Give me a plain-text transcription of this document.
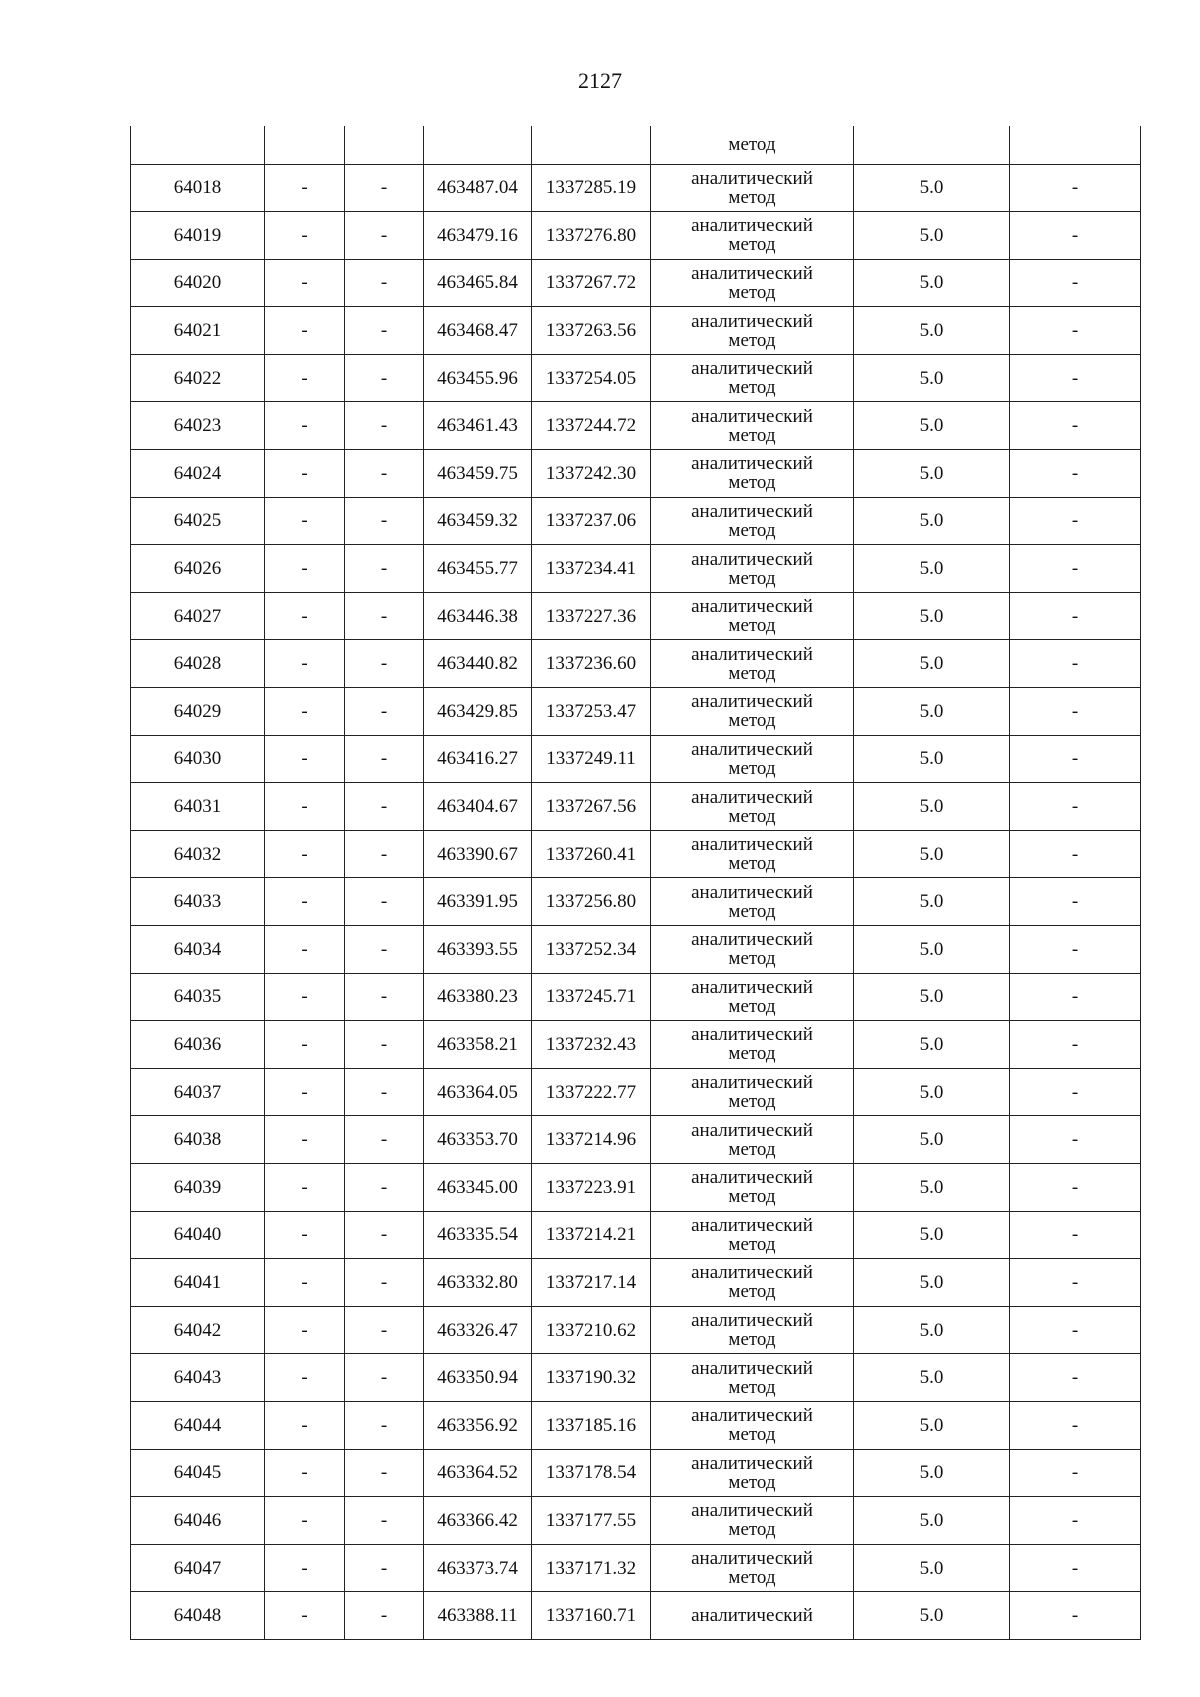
2127

					метод		

64018	-	-	463487.04	1337285.19	аналитический
метод	5.0	-
64019	-	-	463479.16	1337276.80	аналитический
метод	5.0	-
64020	-	-	463465.84	1337267.72	аналитический
метод	5.0	-
64021	-	-	463468.47	1337263.56	аналитический
метод	5.0	-
64022	-	-	463455.96	1337254.05	аналитический
метод	5.0	-
64023	-	-	463461.43	1337244.72	аналитический
метод	5.0	-
64024	-	-	463459.75	1337242.30	аналитический
метод	5.0	-
64025	-	-	463459.32	1337237.06	аналитический
метод	5.0	-
64026	-	-	463455.77	1337234.41	аналитический
метод	5.0	-
64027	-	-	463446.38	1337227.36	аналитический
метод	5.0	-
64028	-	-	463440.82	1337236.60	аналитический
метод	5.0	-
64029	-	-	463429.85	1337253.47	аналитический
метод	5.0	-
64030	-	-	463416.27	1337249.11	аналитический
метод	5.0	-
64031	-	-	463404.67	1337267.56	аналитический
метод	5.0	-
64032	-	-	463390.67	1337260.41	аналитический
метод	5.0	-
64033	-	-	463391.95	1337256.80	аналитический
метод	5.0	-
64034	-	-	463393.55	1337252.34	аналитический
метод	5.0	-
64035	-	-	463380.23	1337245.71	аналитический
метод	5.0	-
64036	-	-	463358.21	1337232.43	аналитический
метод	5.0	-
64037	-	-	463364.05	1337222.77	аналитический
метод	5.0	-
64038	-	-	463353.70	1337214.96	аналитический
метод	5.0	-
64039	-	-	463345.00	1337223.91	аналитический
метод	5.0	-
64040	-	-	463335.54	1337214.21	аналитический
метод	5.0	-
64041	-	-	463332.80	1337217.14	аналитический
метод	5.0	-
64042	-	-	463326.47	1337210.62	аналитический
метод	5.0	-
64043	-	-	463350.94	1337190.32	аналитический
метод	5.0	-
64044	-	-	463356.92	1337185.16	аналитический
метод	5.0	-
64045	-	-	463364.52	1337178.54	аналитический
метод	5.0	-
64046	-	-	463366.42	1337177.55	аналитический
метод	5.0	-
64047	-	-	463373.74	1337171.32	аналитический
метод	5.0	-
64048	-	-	463388.11	1337160.71	аналитический	5.0	-
